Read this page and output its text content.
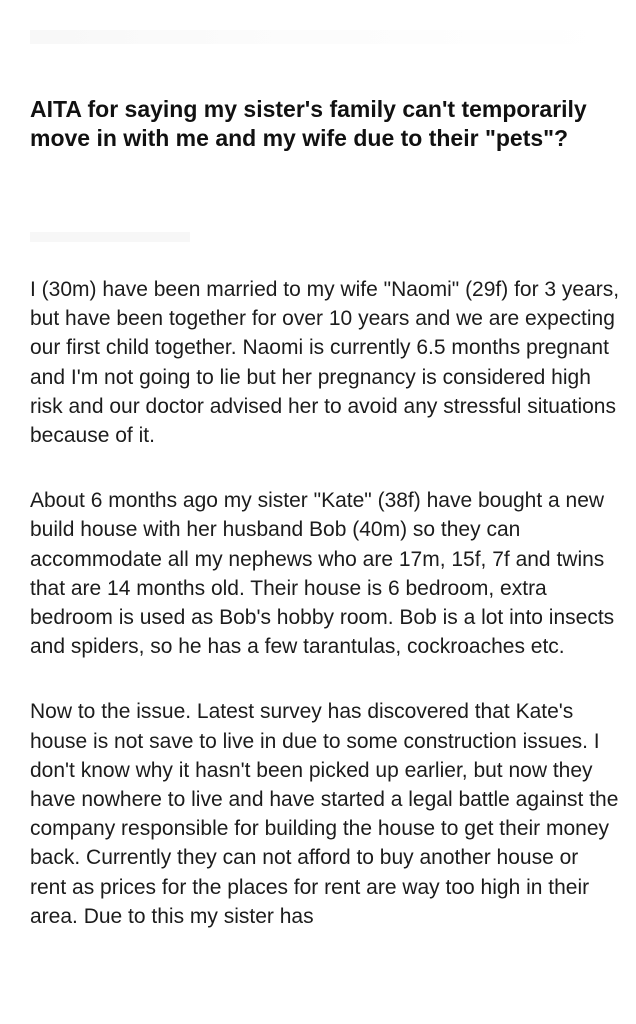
AITA for saying my sister's family can't temporarily move in with me and my wife due to their "pets"?

I (30m) have been married to my wife "Naomi" (29f) for 3 years, but have been together for over 10 years and we are expecting our first child together. Naomi is currently 6.5 months pregnant and I'm not going to lie but her pregnancy is considered high risk and our doctor advised her to avoid any stressful situations because of it.

About 6 months ago my sister "Kate" (38f) have bought a new build house with her husband Bob (40m) so they can accommodate all my nephews who are 17m, 15f, 7f and twins that are 14 months old. Their house is 6 bedroom, extra bedroom is used as Bob's hobby room. Bob is a lot into insects and spiders, so he has a few tarantulas, cockroaches etc.

Now to the issue. Latest survey has discovered that Kate's house is not save to live in due to some construction issues. I don't know why it hasn't been picked up earlier, but now they have nowhere to live and have started a legal battle against the company responsible for building the house to get their money back. Currently they can not afford to buy another house or rent as prices for the places for rent are way too high in their area. Due to this my sister has
